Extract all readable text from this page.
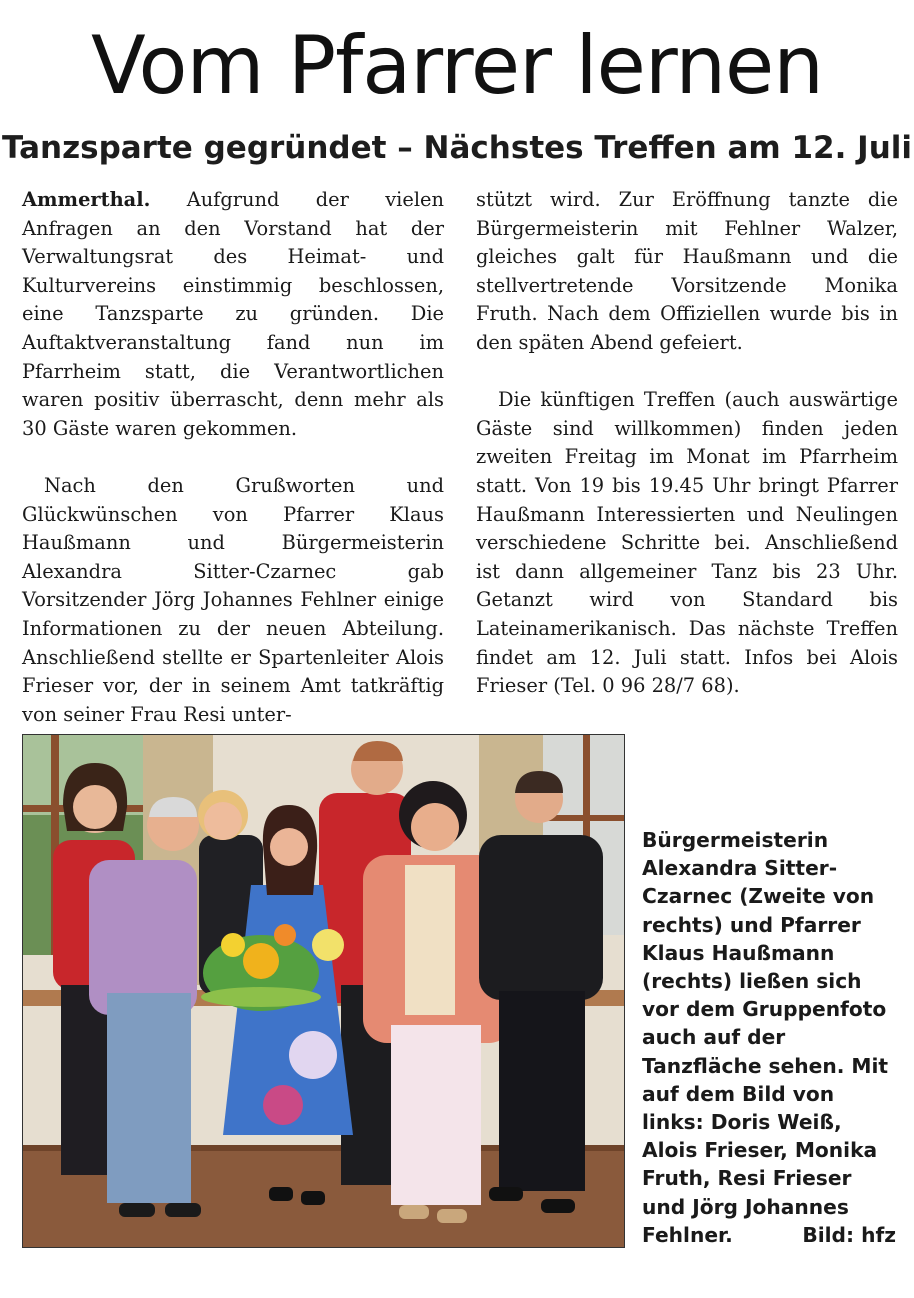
Vom Pfarrer lernen
Tanzsparte gegründet – Nächstes Treffen am 12. Juli

Ammerthal. Aufgrund der vielen Anfragen an den Vorstand hat der Verwaltungsrat des Heimat- und Kulturvereins einstimmig beschlossen, eine Tanzsparte zu gründen. Die Auftaktveranstaltung fand nun im Pfarrheim statt, die Verantwortlichen waren positiv überrascht, denn mehr als 30 Gäste waren gekommen.

Nach den Grußworten und Glückwünschen von Pfarrer Klaus Haußmann und Bürgermeisterin Alexandra Sitter-Czarnec gab Vorsitzender Jörg Johannes Fehlner einige Informationen zu der neuen Abteilung. Anschließend stellte er Spartenleiter Alois Frieser vor, der in seinem Amt tatkräftig von seiner Frau Resi unter-

stützt wird. Zur Eröffnung tanzte die Bürgermeisterin mit Fehlner Walzer, gleiches galt für Haußmann und die stellvertretende Vorsitzende Monika Fruth. Nach dem Offiziellen wurde bis in den späten Abend gefeiert.

Die künftigen Treffen (auch auswärtige Gäste sind willkommen) finden jeden zweiten Freitag im Monat im Pfarrheim statt. Von 19 bis 19.45 Uhr bringt Pfarrer Haußmann Interessierten und Neulingen verschiedene Schritte bei. Anschließend ist dann allgemeiner Tanz bis 23 Uhr. Getanzt wird von Standard bis Lateinamerikanisch. Das nächste Treffen findet am 12. Juli statt. Infos bei Alois Frieser (Tel. 0 96 28/7 68).

Bürgermeisterin Alexandra Sitter-Czarnec (Zweite von rechts) und Pfarrer Klaus Haußmann (rechts) ließen sich vor dem Gruppenfoto auch auf der Tanzfläche sehen. Mit auf dem Bild von links: Doris Weiß, Alois Frieser, Monika Fruth, Resi Frieser und Jörg Johannes
Fehlner.	Bild: hfz
